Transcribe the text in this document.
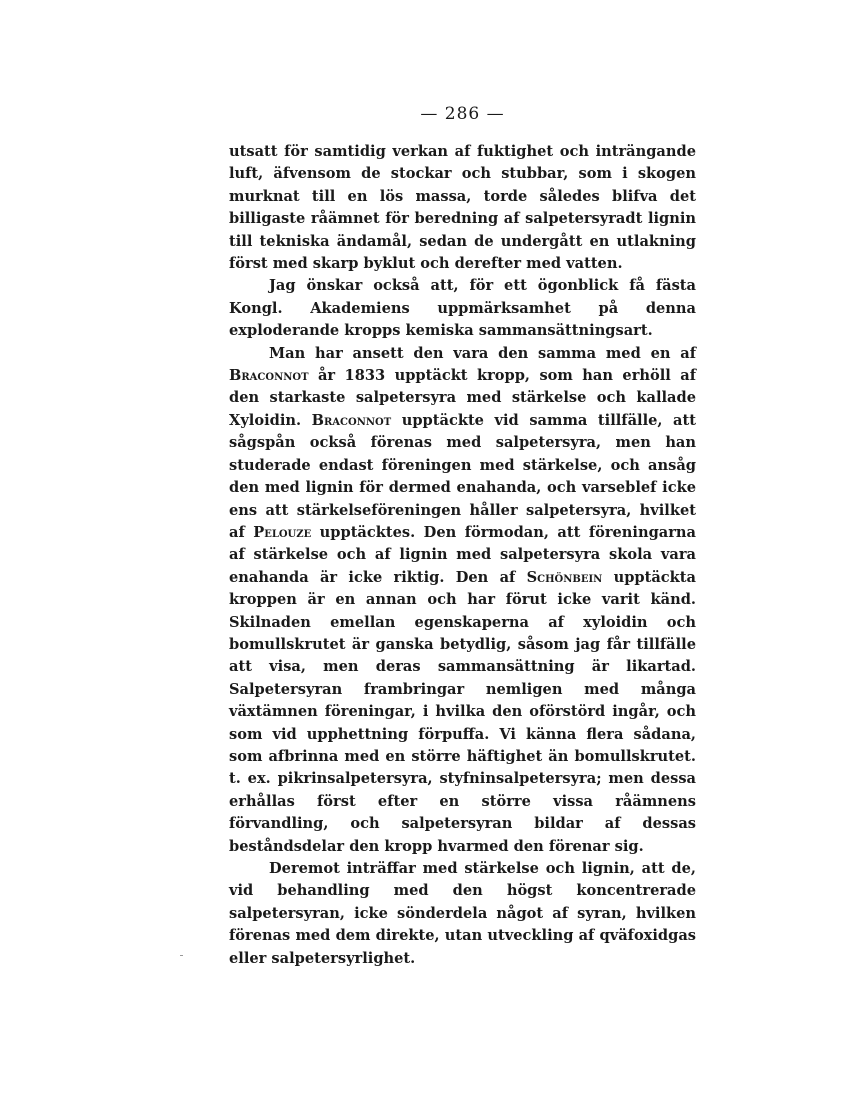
— 286 —

utsatt för samtidig verkan af fuktighet och inträngande luft, äfvensom de stockar och stubbar, som i skogen murknat till en lös massa, torde således blifva det billigaste råämnet för beredning af salpetersyradt lignin till tekniska ändamål, sedan de undergått en utlakning först med skarp byklut och derefter med vatten.

Jag önskar också att, för ett ögonblick få fästa Kongl. Akademiens uppmärksamhet på denna exploderande kropps kemiska sammansättningsart.

Man har ansett den vara den samma med en af Braconnot år 1833 upptäckt kropp, som han erhöll af den starkaste salpetersyra med stärkelse och kallade Xyloidin. Braconnot upptäckte vid samma tillfälle, att sågspån också förenas med salpetersyra, men han studerade endast föreningen med stärkelse, och ansåg den med lignin för dermed enahanda, och varseblef icke ens att stärkelseföreningen håller salpetersyra, hvilket af Pelouze upptäcktes. Den förmodan, att föreningarna af stärkelse och af lignin med salpetersyra skola vara enahanda är icke riktig. Den af Schönbein upptäckta kroppen är en annan och har förut icke varit känd. Skilnaden emellan egenskaperna af xyloidin och bomullskrutet är ganska betydlig, såsom jag får tillfälle att visa, men deras sammansättning är likartad. Salpetersyran frambringar nemligen med många växtämnen föreningar, i hvilka den oförstörd ingår, och som vid upphettning förpuffa. Vi känna flera sådana, som afbrinna med en större häftighet än bomullskrutet. t. ex. pikrinsalpetersyra, styfninsalpetersyra; men dessa erhållas först efter en större vissa råämnens förvandling, och salpetersyran bildar af dessas beståndsdelar den kropp hvarmed den förenar sig.

Deremot inträffar med stärkelse och lignin, att de, vid behandling med den högst koncentrerade salpetersyran, icke sönderdela något af syran, hvilken förenas med dem direkte, utan utveckling af qväfoxidgas eller salpetersyrlighet.
